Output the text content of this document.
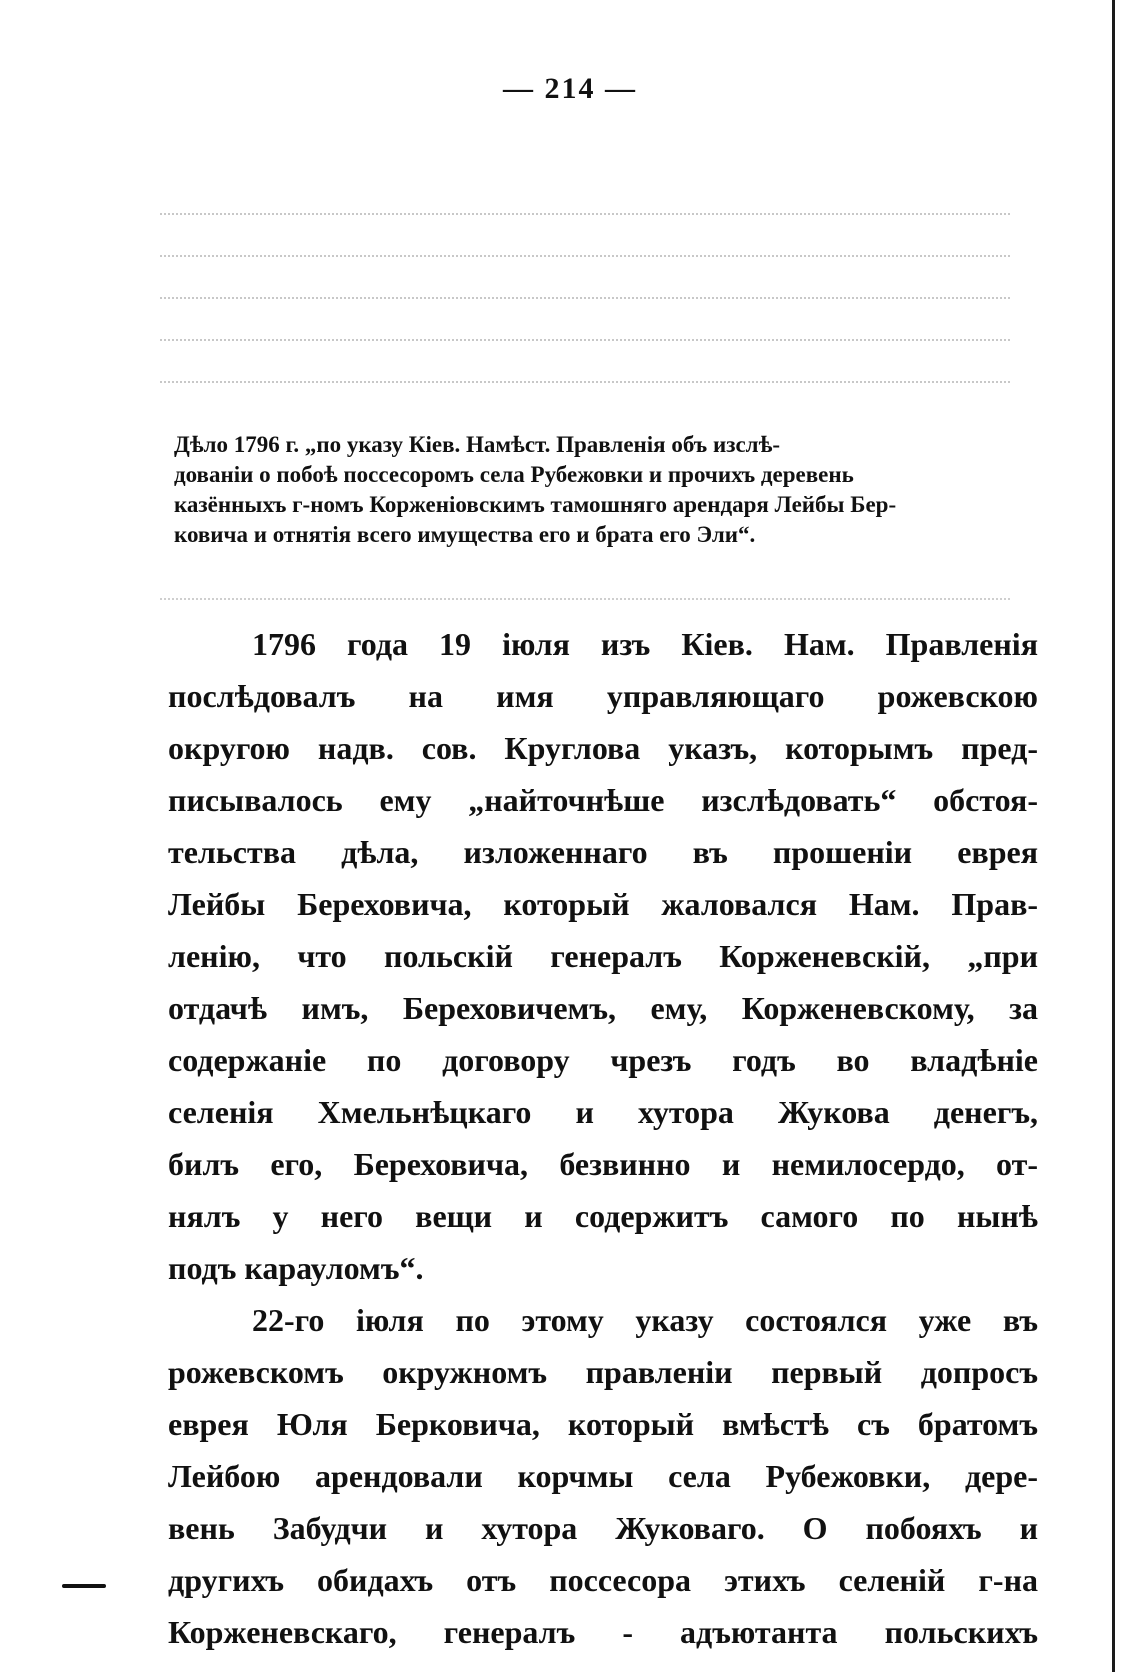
— 214 —
Дѣло 1796 г. „по указу Кіев. Намѣст. Правленія объ изслѣ-
дованіи о побоѣ поссесоромъ села Рубежовки и прочихъ деревень
казённыхъ г-номъ Корженіовскимъ тамошняго арендаря Лейбы Бер-
ковича и отнятія всего имущества его и брата его Эли“.

1796 года 19 іюля изъ Кіев. Нам. Правленія
послѣдовалъ на имя управляющаго рожевскою
округою надв. сов. Круглова указъ, которымъ пред-
писывалось ему „найточнѣше изслѣдовать“ обстоя-
тельства дѣла, изложеннаго въ прошеніи еврея
Лейбы Береховича, который жаловался Нам. Прав-
ленію, что польскій генералъ Корженевскій, „при
отдачѣ имъ, Береховичемъ, ему, Корженевскому, за
содержаніе по договору чрезъ годъ во владѣніе
селенія Хмельнѣцкаго и хутора Жукова денегъ,
билъ его, Береховича, безвинно и немилосердо, от-
нялъ у него вещи и содержитъ самого по нынѣ
подъ карауломъ“.

22-го іюля по этому указу состоялся уже въ
рожевскомъ окружномъ правленіи первый допросъ
еврея Юля Берковича, который вмѣстѣ съ братомъ
Лейбою арендовали корчмы села Рубежовки, дере-
вень Забудчи и хутора Жуковаго. О побояхъ и
другихъ обидахъ отъ поссесора этихъ селеній г-на
Корженевскаго, генералъ - адъютанта польскихъ
